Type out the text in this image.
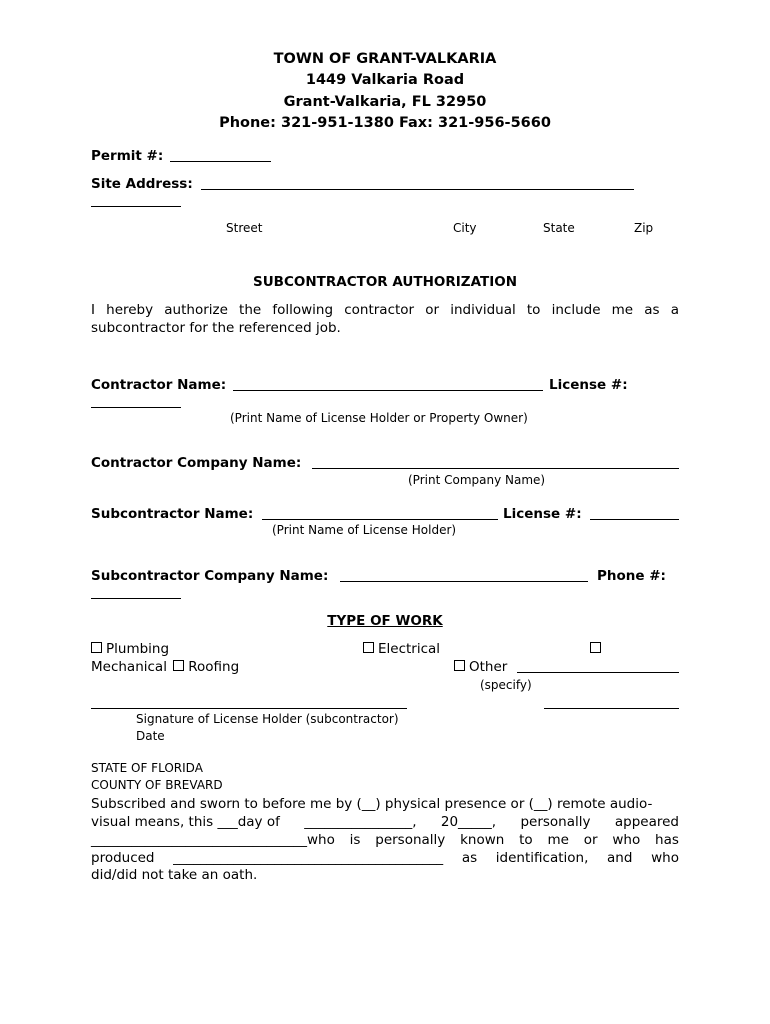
TOWN OF GRANT-VALKARIA
1449 Valkaria Road
Grant-Valkaria, FL 32950
Phone: 321-951-1380 Fax: 321-956-5660
Permit #:
Site Address:
Street	City	State	Zip
SUBCONTRACTOR AUTHORIZATION
I hereby authorize the following contractor or individual to include me as a
subcontractor for the referenced job.
Contractor Name:	License #:
(Print Name of License Holder or Property Owner)
Contractor Company Name:
(Print Company Name)
Subcontractor Name:	License #:
(Print Name of License Holder)
Subcontractor Company Name:	Phone #:
TYPE OF WORK
Plumbing	Electrical
Mechanical Roofing	Other
(specify)
Signature of License Holder (subcontractor)
Date
STATE OF FLORIDA
COUNTY OF BREVARD
Subscribed and sworn to before me by (__) physical presence or (__) remote audio-
visual means, this ___day of ________________, 20_____, personally appeared
________________________________who is personally known to me or who has
produced ________________________________________ as identification, and who
did/did not take an oath.
